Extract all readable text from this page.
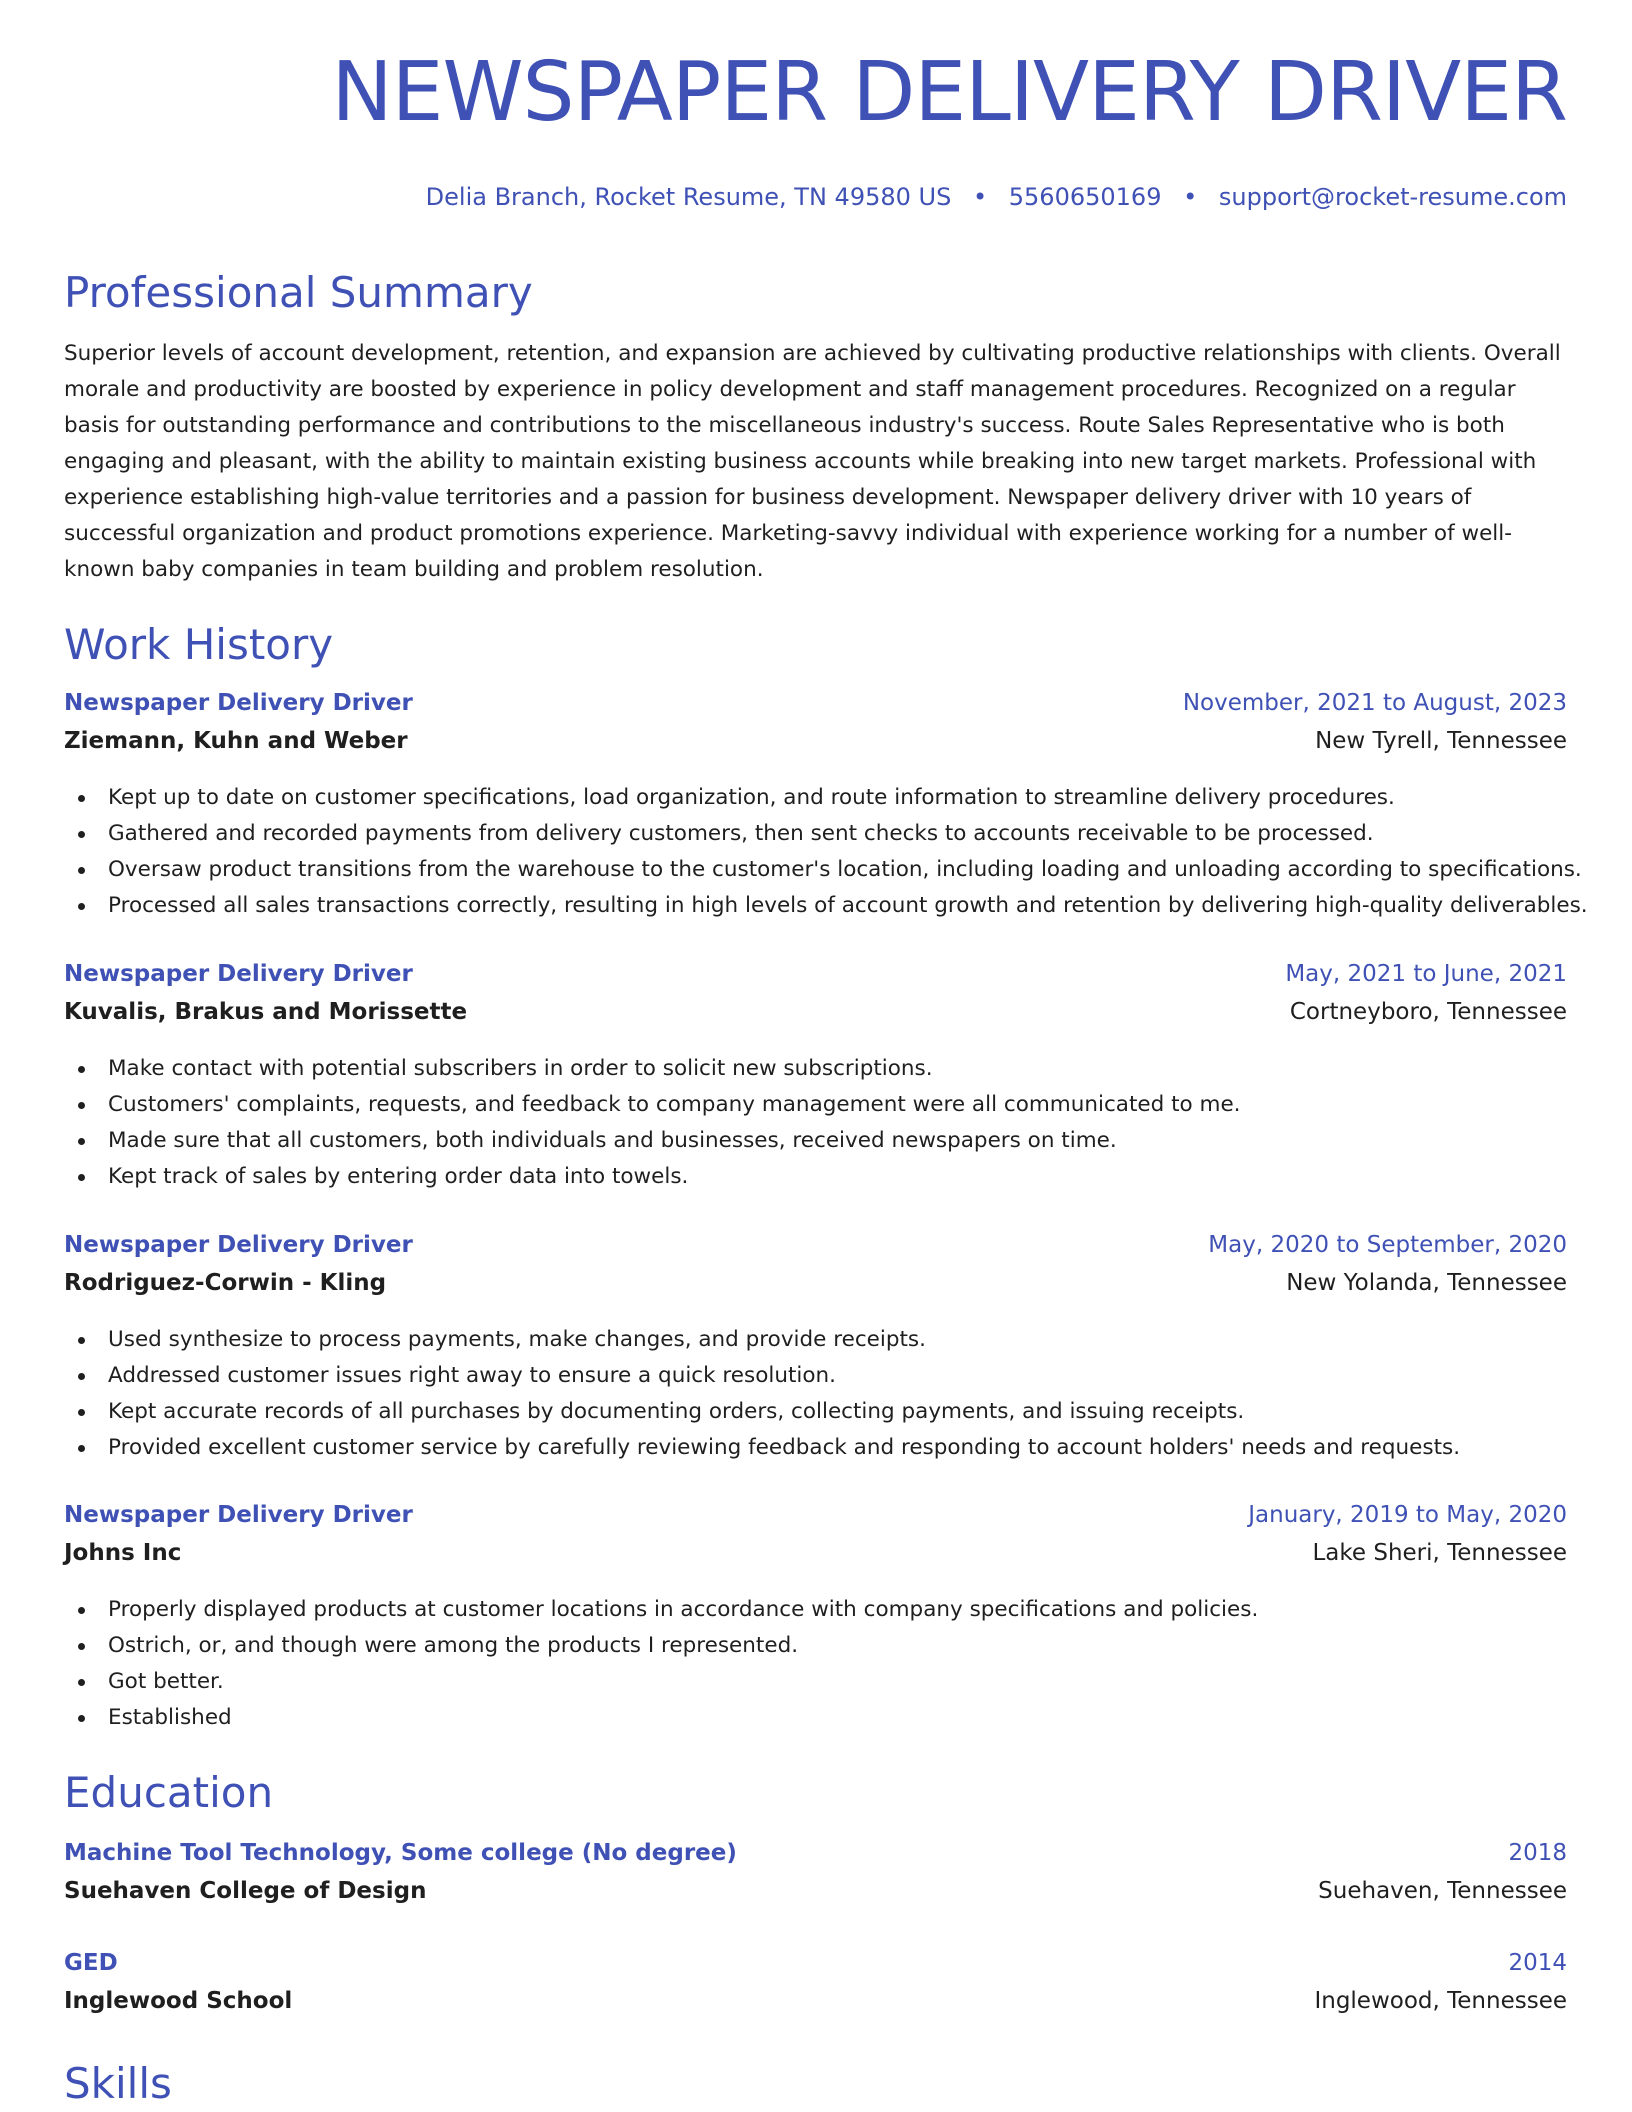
NEWSPAPER DELIVERY DRIVER
Delia Branch, Rocket Resume, TN 49580 US • 5560650169 • support@rocket-resume.com
Professional Summary

Superior levels of account development, retention, and expansion are achieved by cultivating productive relationships with clients. Overall morale and productivity are boosted by experience in policy development and staff management procedures. Recognized on a regular basis for outstanding performance and contributions to the miscellaneous industry's success. Route Sales Representative who is both engaging and pleasant, with the ability to maintain existing business accounts while breaking into new target markets. Professional with experience establishing high-value territories and a passion for business development. Newspaper delivery driver with 10 years of successful organization and product promotions experience. Marketing-savvy individual with experience working for a number of well-known baby companies in team building and problem resolution.

Work History
Newspaper Delivery Driver	November, 2021 to August, 2023
Ziemann, Kuhn and Weber	New Tyrell, Tennessee
Kept up to date on customer specifications, load organization, and route information to streamline delivery procedures.
Gathered and recorded payments from delivery customers, then sent checks to accounts receivable to be processed.
Oversaw product transitions from the warehouse to the customer's location, including loading and unloading according to specifications.
Processed all sales transactions correctly, resulting in high levels of account growth and retention by delivering high-quality deliverables.
Newspaper Delivery Driver	May, 2021 to June, 2021
Kuvalis, Brakus and Morissette	Cortneyboro, Tennessee
Make contact with potential subscribers in order to solicit new subscriptions.
Customers' complaints, requests, and feedback to company management were all communicated to me.
Made sure that all customers, both individuals and businesses, received newspapers on time.
Kept track of sales by entering order data into towels.
Newspaper Delivery Driver	May, 2020 to September, 2020
Rodriguez-Corwin - Kling	New Yolanda, Tennessee
Used synthesize to process payments, make changes, and provide receipts.
Addressed customer issues right away to ensure a quick resolution.
Kept accurate records of all purchases by documenting orders, collecting payments, and issuing receipts.
Provided excellent customer service by carefully reviewing feedback and responding to account holders' needs and requests.
Newspaper Delivery Driver	January, 2019 to May, 2020
Johns Inc	Lake Sheri, Tennessee
Properly displayed products at customer locations in accordance with company specifications and policies.
Ostrich, or, and though were among the products I represented.
Got better.
Established
Education
Machine Tool Technology, Some college (No degree)	2018
Suehaven College of Design	Suehaven, Tennessee
GED	2014
Inglewood School	Inglewood, Tennessee
Skills
